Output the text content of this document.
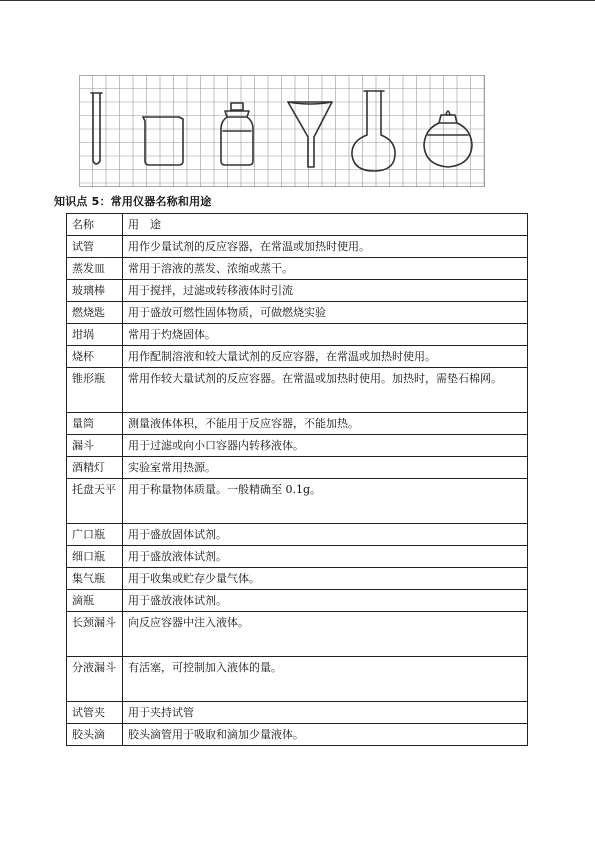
知识点 5：常用仪器名称和用途
名称	用　途
试管	用作少量试剂的反应容器，在常温或加热时使用。
蒸发皿	常用于溶液的蒸发、浓缩或蒸干。
玻璃棒	用于搅拌，过滤或转移液体时引流
燃烧匙	用于盛放可燃性固体物质，可做燃烧实验
坩埚	常用于灼烧固体。
烧杯	用作配制溶液和较大量试剂的反应容器，在常温或加热时使用。
锥形瓶	常用作较大量试剂的反应容器。在常温或加热时使用。加热时，需垫石棉网。
量筒	测量液体体积，不能用于反应容器，不能加热。
漏斗	用于过滤或向小口容器内转移液体。
酒精灯	实验室常用热源。
托盘天平	用于称量物体质量。一般精确至 0.1g。
广口瓶	用于盛放固体试剂。
细口瓶	用于盛放液体试剂。
集气瓶	用于收集或贮存少量气体。
滴瓶	用于盛放液体试剂。
长颈漏斗	向反应容器中注入液体。
分液漏斗	有活塞，可控制加入液体的量。
试管夹	用于夹持试管
胶头滴	胶头滴管用于吸取和滴加少量液体。
